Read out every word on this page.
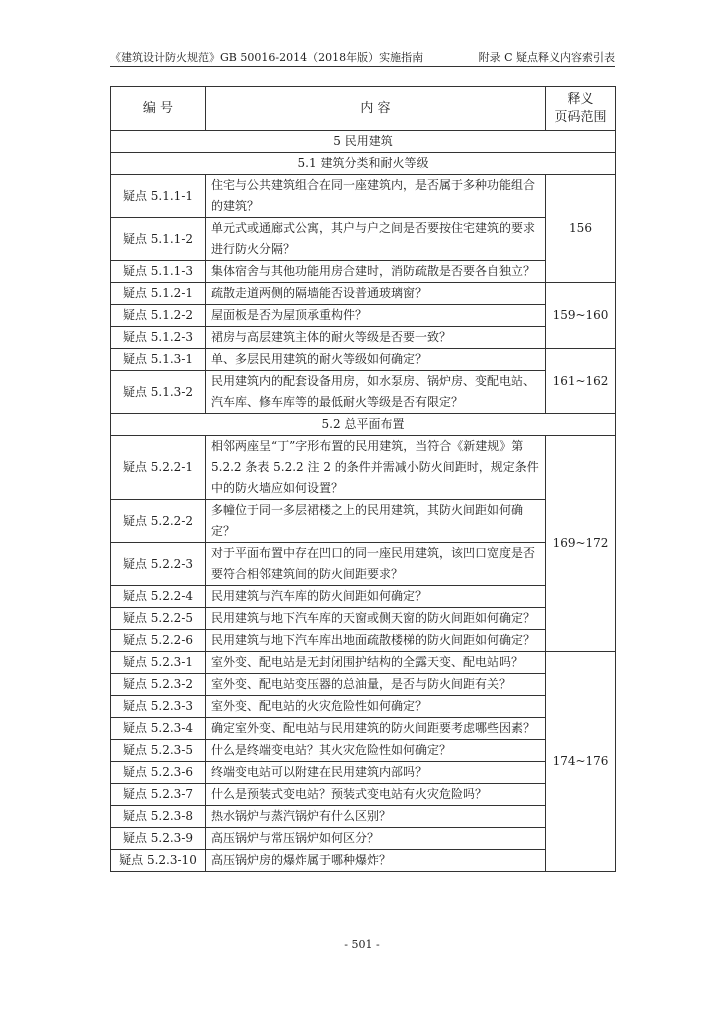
《建筑设计防火规范》GB 50016-2014（2018年版）实施指南	附录 C 疑点释义内容索引表
编 号	内 容	释义
页码范围

5 民用建筑		
5.1 建筑分类和耐火等级		
疑点 5.1.1-1	住宅与公共建筑组合在同一座建筑内，是否属于多种功能组合的建筑？	156
疑点 5.1.1-2	单元式或通廊式公寓，其户与户之间是否要按住宅建筑的要求进行防火分隔？	
疑点 5.1.1-3	集体宿舍与其他功能用房合建时，消防疏散是否要各自独立？	
疑点 5.1.2-1	疏散走道两侧的隔墙能否设普通玻璃窗？	159~160
疑点 5.1.2-2	屋面板是否为屋顶承重构件？	
疑点 5.1.2-3	裙房与高层建筑主体的耐火等级是否要一致？	
疑点 5.1.3-1	单、多层民用建筑的耐火等级如何确定？	161~162
疑点 5.1.3-2	民用建筑内的配套设备用房，如水泵房、锅炉房、变配电站、汽车库、修车库等的最低耐火等级是否有限定？	
5.2 总平面布置		
疑点 5.2.2-1	相邻两座呈“丁”字形布置的民用建筑，当符合《新建规》第 5.2.2 条表 5.2.2 注 2 的条件并需减小防火间距时，规定条件中的防火墙应如何设置？	169~172
疑点 5.2.2-2	多幢位于同一多层裙楼之上的民用建筑，其防火间距如何确定？	
疑点 5.2.2-3	对于平面布置中存在凹口的同一座民用建筑，该凹口宽度是否要符合相邻建筑间的防火间距要求？	
疑点 5.2.2-4	民用建筑与汽车库的防火间距如何确定？	
疑点 5.2.2-5	民用建筑与地下汽车库的天窗或侧天窗的防火间距如何确定？	
疑点 5.2.2-6	民用建筑与地下汽车库出地面疏散楼梯的防火间距如何确定？	
疑点 5.2.3-1	室外变、配电站是无封闭围护结构的全露天变、配电站吗？	174~176
疑点 5.2.3-2	室外变、配电站变压器的总油量，是否与防火间距有关？	
疑点 5.2.3-3	室外变、配电站的火灾危险性如何确定？	
疑点 5.2.3-4	确定室外变、配电站与民用建筑的防火间距要考虑哪些因素？	
疑点 5.2.3-5	什么是终端变电站？其火灾危险性如何确定？	
疑点 5.2.3-6	终端变电站可以附建在民用建筑内部吗？	
疑点 5.2.3-7	什么是预装式变电站？预装式变电站有火灾危险吗？	
疑点 5.2.3-8	热水锅炉与蒸汽锅炉有什么区别？	
疑点 5.2.3-9	高压锅炉与常压锅炉如何区分？	
疑点 5.2.3-10	高压锅炉房的爆炸属于哪种爆炸？	
- 501 -
